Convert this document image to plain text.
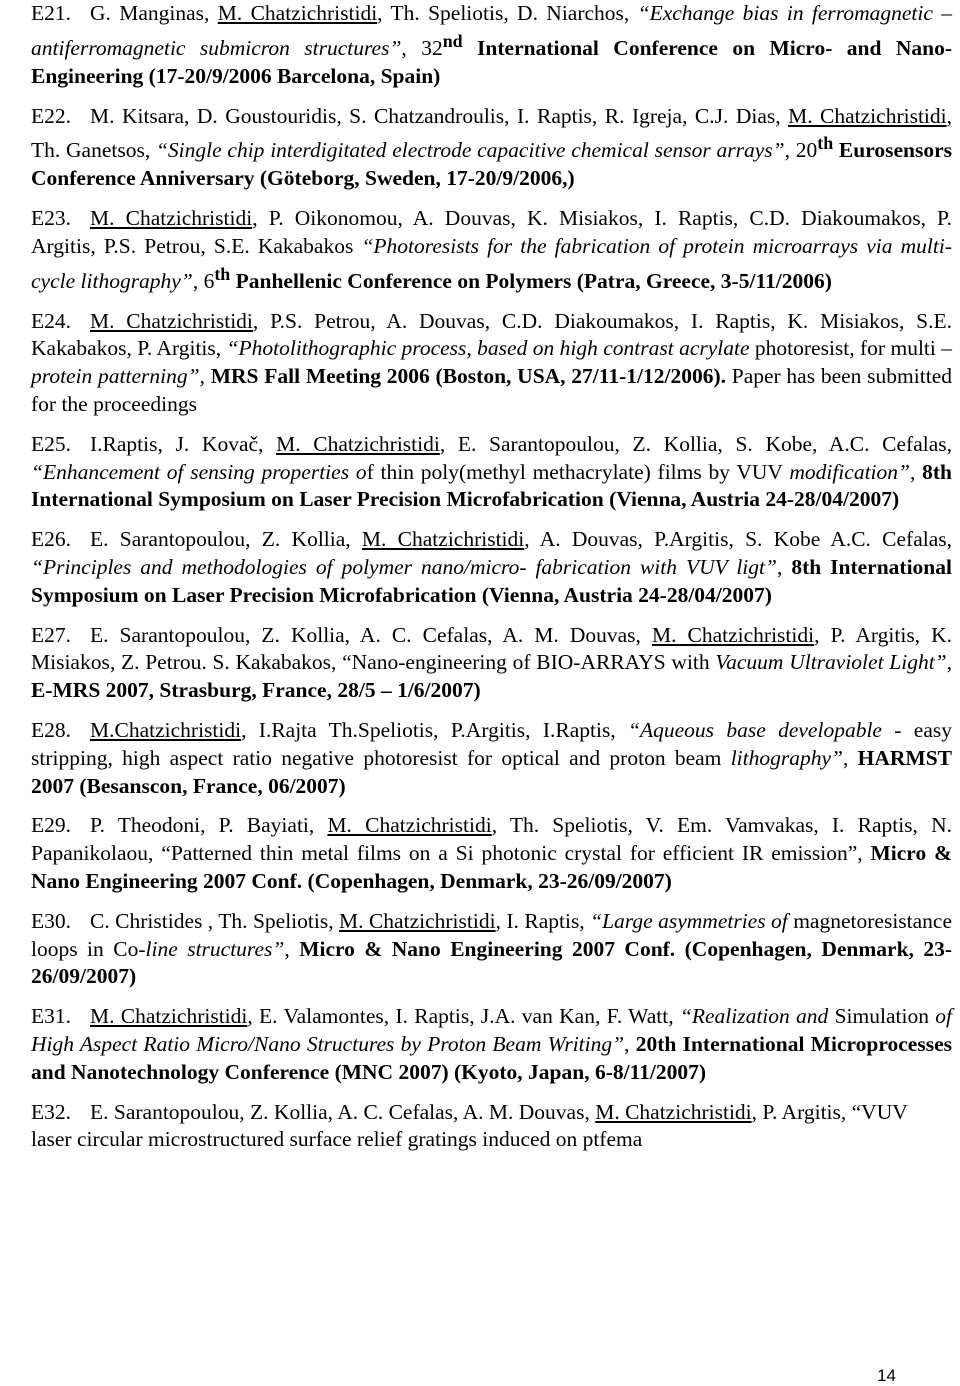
E21. G. Manginas, M. Chatzichristidi, Th. Speliotis, D. Niarchos, “Exchange bias in ferromagnetic – antiferromagnetic submicron structures”, 32nd International Conference on Micro- and Nano- Engineering (17-20/9/2006 Barcelona, Spain)

E22. M. Kitsara, D. Goustouridis, S. Chatzandroulis, I. Raptis, R. Igreja, C.J. Dias, M. Chatzichristidi, Th. Ganetsos, “Single chip interdigitated electrode capacitive chemical sensor arrays”, 20th Eurosensors Conference Anniversary (Göteborg, Sweden, 17-20/9/2006,)

E23. M. Chatzichristidi, P. Oikonomou, A. Douvas, K. Misiakos, I. Raptis, C.D. Diakoumakos, P. Argitis, P.S. Petrou, S.E. Kakabakos “Photoresists for the fabrication of protein microarrays via multi-cycle lithography”, 6th Panhellenic Conference on Polymers (Patra, Greece, 3-5/11/2006)

E24. M. Chatzichristidi, P.S. Petrou, A. Douvas, C.D. Diakoumakos, I. Raptis, K. Misiakos, S.E. Kakabakos, P. Argitis, “Photolithographic process, based on high contrast acrylate photoresist, for multi –protein patterning”, MRS Fall Meeting 2006 (Boston, USA, 27/11-1/12/2006). Paper has been submitted for the proceedings

E25. I.Raptis, J. Kovač, M. Chatzichristidi, E. Sarantopoulou, Z. Kollia, S. Kobe, A.C. Cefalas, “Enhancement of sensing properties of thin poly(methyl methacrylate) films by VUV modification”, 8th International Symposium on Laser Precision Microfabrication (Vienna, Austria 24-28/04/2007)

E26. E. Sarantopoulou, Z. Kollia, M. Chatzichristidi, A. Douvas, P.Argitis, S. Kobe A.C. Cefalas, “Principles and methodologies of polymer nano/micro- fabrication with VUV ligt”, 8th International Symposium on Laser Precision Microfabrication (Vienna, Austria 24-28/04/2007)

E27. E. Sarantopoulou, Z. Kollia, A. C. Cefalas, A. M. Douvas, M. Chatzichristidi, P. Argitis, K. Misiakos, Z. Petrou. S. Kakabakos, “Nano-engineering of BIO-ARRAYS with Vacuum Ultraviolet Light”, E-MRS 2007, Strasburg, France, 28/5 – 1/6/2007)

E28. M.Chatzichristidi, I.Rajta Th.Speliotis, P.Argitis, I.Raptis, “Aqueous base developable - easy stripping, high aspect ratio negative photoresist for optical and proton beam lithography”, HARMST 2007 (Besanscon, France, 06/2007)

E29. P. Theodoni, P. Bayiati, M. Chatzichristidi, Th. Speliotis, V. Em. Vamvakas, I. Raptis, N. Papanikolaou, “Patterned thin metal films on a Si photonic crystal for efficient IR emission”, Micro & Nano Engineering 2007 Conf. (Copenhagen, Denmark, 23-26/09/2007)

E30. C. Christides , Th. Speliotis, M. Chatzichristidi, I. Raptis, “Large asymmetries of magnetoresistance loops in Co-line structures”, Micro & Nano Engineering 2007 Conf. (Copenhagen, Denmark, 23-26/09/2007)

E31. M. Chatzichristidi, E. Valamontes, I. Raptis, J.A. van Kan, F. Watt, “Realization and Simulation of High Aspect Ratio Micro/Nano Structures by Proton Beam Writing”, 20th International Microprocesses and Nanotechnology Conference (MNC 2007) (Kyoto, Japan, 6-8/11/2007)

E32. E. Sarantopoulou, Z. Kollia, A. C. Cefalas, A. M. Douvas, M. Chatzichristidi, P. Argitis, “VUV laser circular microstructured surface relief gratings induced on ptfema

14
